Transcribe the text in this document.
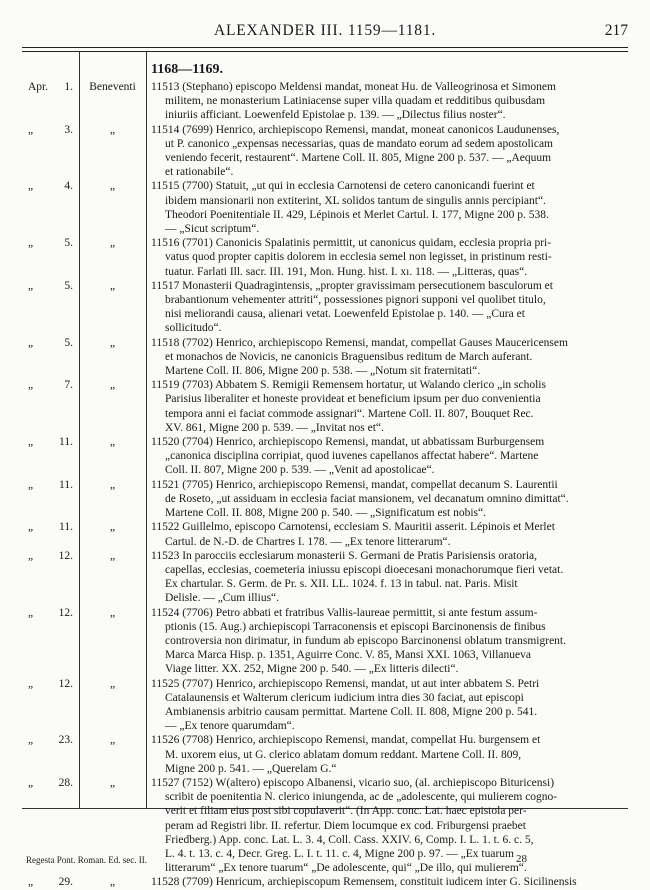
ALEXANDER III. 1159—1181.	217
1168—1169.
Apr. 1.	Beneventi	11513 (Stephano) episcopo Meldensi mandat, moneat Hu. de Valleogrinosa et Simonem
militem, ne monasterium Latiniacense super villa quadam et redditibus quibusdam
iniuriis afficiant. Loewenfeld Epistolae p. 139. — „Dilectus filius noster“.
„	3.	„	11514 (7699) Henrico, archiepiscopo Remensi, mandat, moneat canonicos Laudunenses,
ut P. canonico „expensas necessarias, quas de mandato eorum ad sedem apostolicam
veniendo fecerit, restaurent“. Martene Coll. II. 805, Migne 200 p. 537. — „Aequum
et rationabile“.
„	4.	„	11515 (7700) Statuit, „ut qui in ecclesia Carnotensi de cetero canonicandi fuerint et
ibidem mansionarii non extiterint, XL solidos tantum de singulis annis percipiant“.
Theodori Poenitentiale II. 429, Lépinois et Merlet Cartul. I. 177, Migne 200 p. 538.
— „Sicut scriptum“.
„	5.	„	11516 (7701) Canonicis Spalatinis permittit, ut canonicus quidam, ecclesia propria pri-
vatus quod propter capitis dolorem in ecclesia semel non legisset, in pristinum resti-
tuatur. Farlati Ill. sacr. III. 191, Mon. Hung. hist. I. xı. 118. — „Litteras, quas“.
„	5.	„	11517 Monasterii Quadragintensis, „propter gravissimam persecutionem basculorum et
brabantionum vehementer attriti“, possessiones pignori supponi vel quolibet titulo,
nisi meliorandi causa, alienari vetat. Loewenfeld Epistolae p. 140. — „Cura et
sollicitudo“.
„	5.	„	11518 (7702) Henrico, archiepiscopo Remensi, mandat, compellat Gauses Maucericensem
et monachos de Novicis, ne canonicis Braguensibus reditum de March auferant.
Martene Coll. II. 806, Migne 200 p. 538. — „Notum sit fraternitati“.
„	7.	„	11519 (7703) Abbatem S. Remigii Remensem hortatur, ut Walando clerico „in scholis
Parisius liberaliter et honeste provideat et beneficium ipsum per duo convenientia
tempora anni ei faciat commode assignari“. Martene Coll. II. 807, Bouquet Rec.
XV. 861, Migne 200 p. 539. — „Invitat nos et“.
„ 11.	„	11520 (7704) Henrico, archiepiscopo Remensi, mandat, ut abbatissam Burburgensem
„canonica disciplina corripiat, quod iuvenes capellanos affectat habere“. Martene
Coll. II. 807, Migne 200 p. 539. — „Venit ad apostolicae“.
„ 11.	„	11521 (7705) Henrico, archiepiscopo Remensi, mandat, compellat decanum S. Laurentii
de Roseto, „ut assiduam in ecclesia faciat mansionem, vel decanatum omnino dimittat“.
Martene Coll. II. 808, Migne 200 p. 540. — „Significatum est nobis“.
„ 11.	„	11522 Guillelmo, episcopo Carnotensi, ecclesiam S. Mauritii asserit. Lépinois et Merlet
Cartul. de N.-D. de Chartres I. 178. — „Ex tenore litterarum“.
„ 12.	„	11523 In parocciis ecclesiarum monasterii S. Germani de Pratis Parisiensis oratoria,
capellas, ecclesias, coemeteria iniussu episcopi dioecesani monachorumque fieri vetat.
Ex chartular. S. Germ. de Pr. s. XII. LL. 1024. f. 13 in tabul. nat. Paris. Misit
Delisle. — „Cum illius“.
„ 12.	„	11524 (7706) Petro abbati et fratribus Vallis-laureae permittit, si ante festum assum-
ptionis (15. Aug.) archiepiscopi Tarraconensis et episcopi Barcinonensis de finibus
controversia non dirimatur, in fundum ab episcopo Barcinonensi oblatum transmigrent.
Marca Marca Hisp. p. 1351, Aguirre Conc. V. 85, Mansi XXI. 1063, Villanueva
Viage litter. XX. 252, Migne 200 p. 540. — „Ex litteris dilecti“.
„ 12.	„	11525 (7707) Henrico, archiepiscopo Remensi, mandat, ut aut inter abbatem S. Petri
Catalaunensis et Walterum clericum iudicium intra dies 30 faciat, aut episcopi
Ambianensis arbitrio causam permittat. Martene Coll. II. 808, Migne 200 p. 541.
— „Ex tenore quarumdam“.
„ 23.	„	11526 (7708) Henrico, archiepiscopo Remensi, mandat, compellat Hu. burgensem et
M. uxorem eius, ut G. clerico ablatam domum reddant. Martene Coll. II. 809,
Migne 200 p. 541. — „Querelam G.“
„ 28.	„	11527 (7152) W(altero) episcopo Albanensi, vicario suo, (al. archiepiscopo Bituricensi)
scribit de poenitentia N. clerico iniungenda, ac de „adolescente, qui mulierem cogno-
verit et filiam eius post sibi copulaverit“. (In App. conc. Lat. haec epistola per-
peram ad Registri libr. II. refertur. Diem locumque ex cod. Friburgensi praebet
Friedberg.) App. conc. Lat. L. 3. 4, Coll. Cass. XXIV. 6, Comp. I. L. 1. t. 6. c. 5,
L. 4. t. 13. c. 4, Decr. Greg. L. I. t. 11. c. 4, Migne 200 p. 97. — „Ex tuarum
litterarum“ „Ex tenore tuarum“ „De adolescente, qui“ „De illo, qui mulierem“.
„ 29.	„	11528 (7709) Henricum, archiepiscopum Remensem, constituit iudicem inter G. Sicilinensis
Regesta Pont. Roman. Ed. sec. II.	28
